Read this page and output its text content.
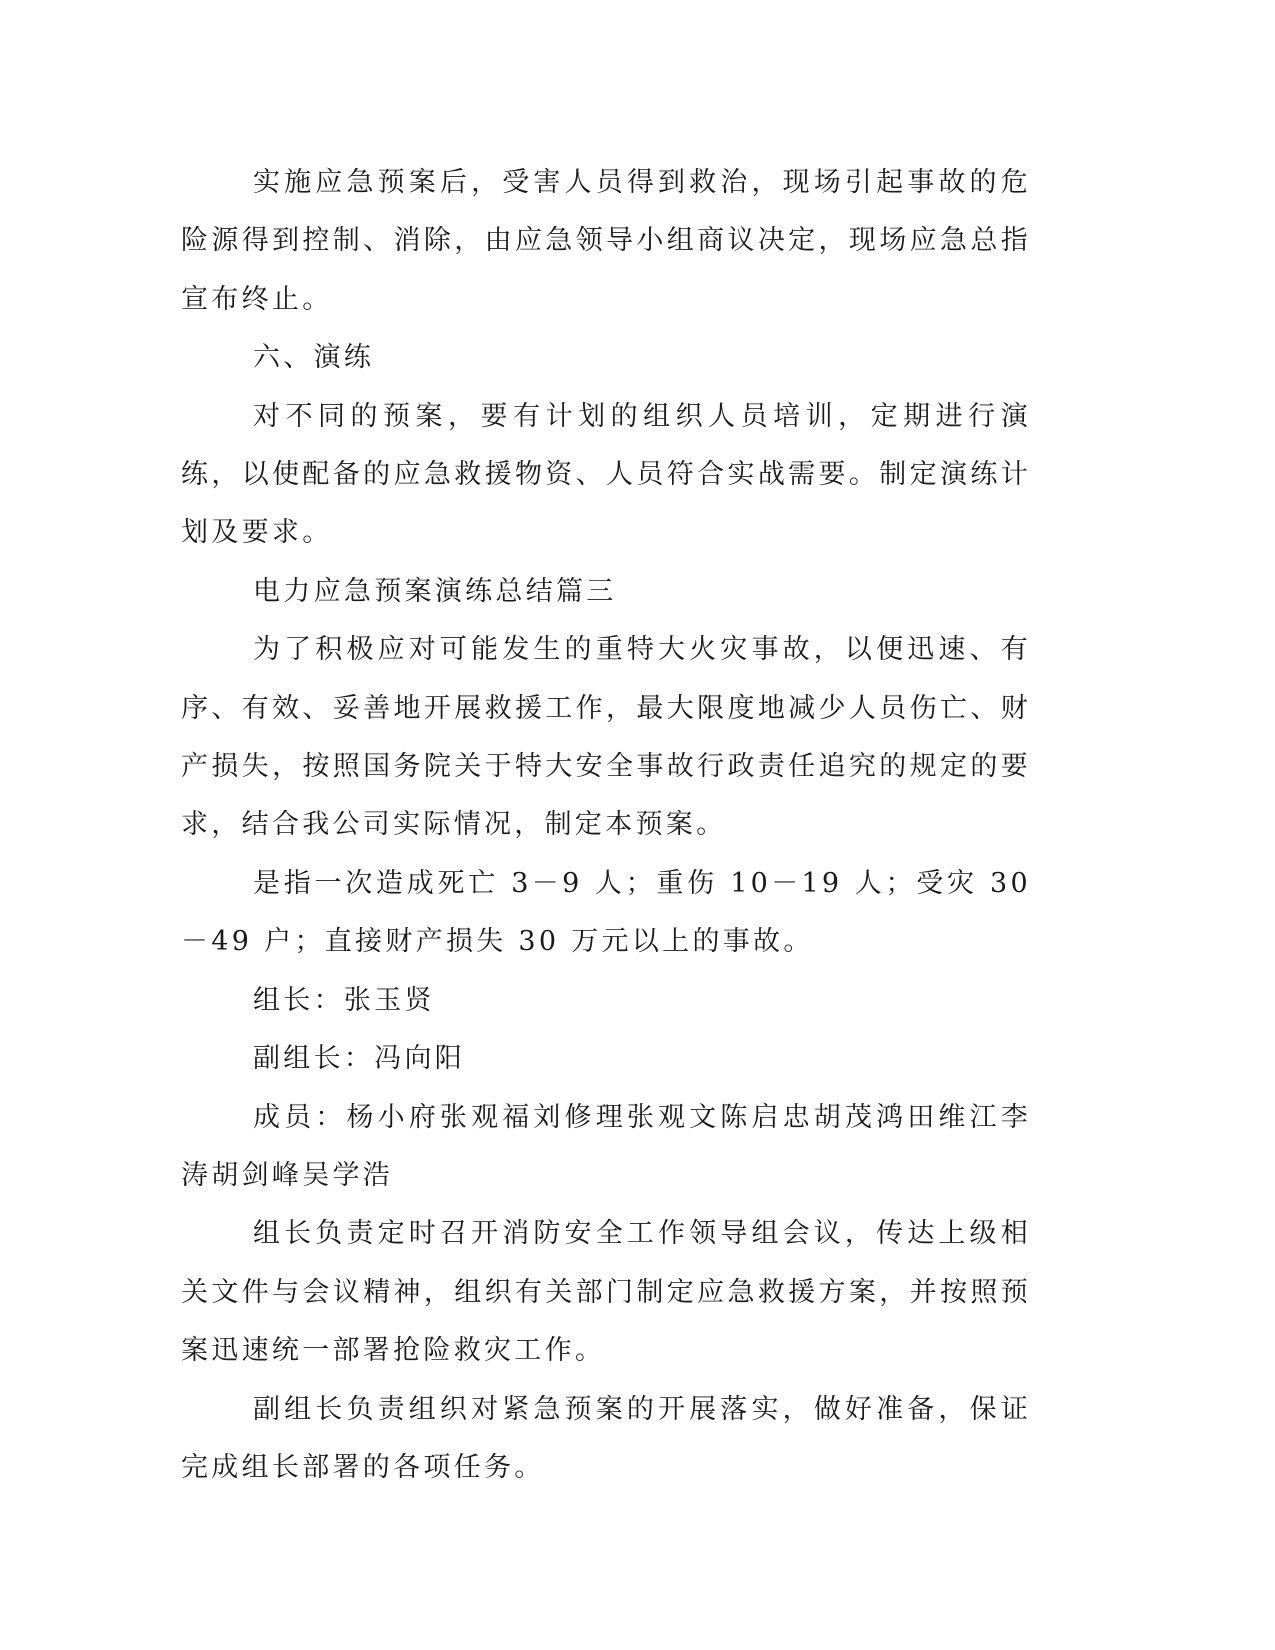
实施应急预案后，受害人员得到救治，现场引起事故的危险源得到控制、消除，由应急领导小组商议决定，现场应急总指宣布终止。

六、演练

对不同的预案，要有计划的组织人员培训，定期进行演练，以使配备的应急救援物资、人员符合实战需要。制定演练计划及要求。

电力应急预案演练总结篇三

为了积极应对可能发生的重特大火灾事故，以便迅速、有序、有效、妥善地开展救援工作，最大限度地减少人员伤亡、财产损失，按照国务院关于特大安全事故行政责任追究的规定的要求，结合我公司实际情况，制定本预案。

是指一次造成死亡 3－9 人；重伤 10－19 人；受灾 30－49 户；直接财产损失 30 万元以上的事故。

组长：张玉贤

副组长：冯向阳

成员：杨小府张观福刘修理张观文陈启忠胡茂鸿田维江李涛胡剑峰吴学浩

组长负责定时召开消防安全工作领导组会议，传达上级相关文件与会议精神，组织有关部门制定应急救援方案，并按照预案迅速统一部署抢险救灾工作。

副组长负责组织对紧急预案的开展落实，做好准备，保证完成组长部署的各项任务。
